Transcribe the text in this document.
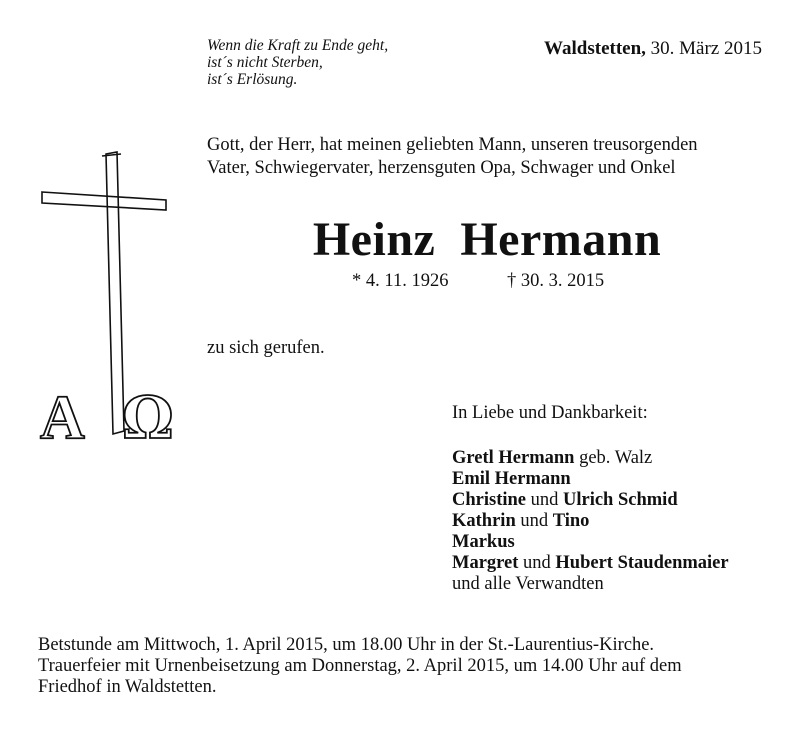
Wenn die Kraft zu Ende geht,
ist´s nicht Sterben,
ist´s Erlösung.
Waldstetten, 30. März 2015
Gott, der Herr, hat meinen geliebten Mann, unseren treusorgenden
Vater, Schwiegervater, herzensguten Opa, Schwager und Onkel
A Ω
Heinz  Hermann
* 4. 11. 1926	† 30. 3. 2015
zu sich gerufen.
In Liebe und Dankbarkeit:
Gretl Hermann geb. Walz
Emil Hermann
Christine und Ulrich Schmid
Kathrin und Tino
Markus
Margret und Hubert Staudenmaier
und alle Verwandten
Betstunde am Mittwoch, 1. April 2015, um 18.00 Uhr in der St.-Laurentius-Kirche.
Trauerfeier mit Urnenbeisetzung am Donnerstag, 2. April 2015, um 14.00 Uhr auf dem
Friedhof in Waldstetten.
